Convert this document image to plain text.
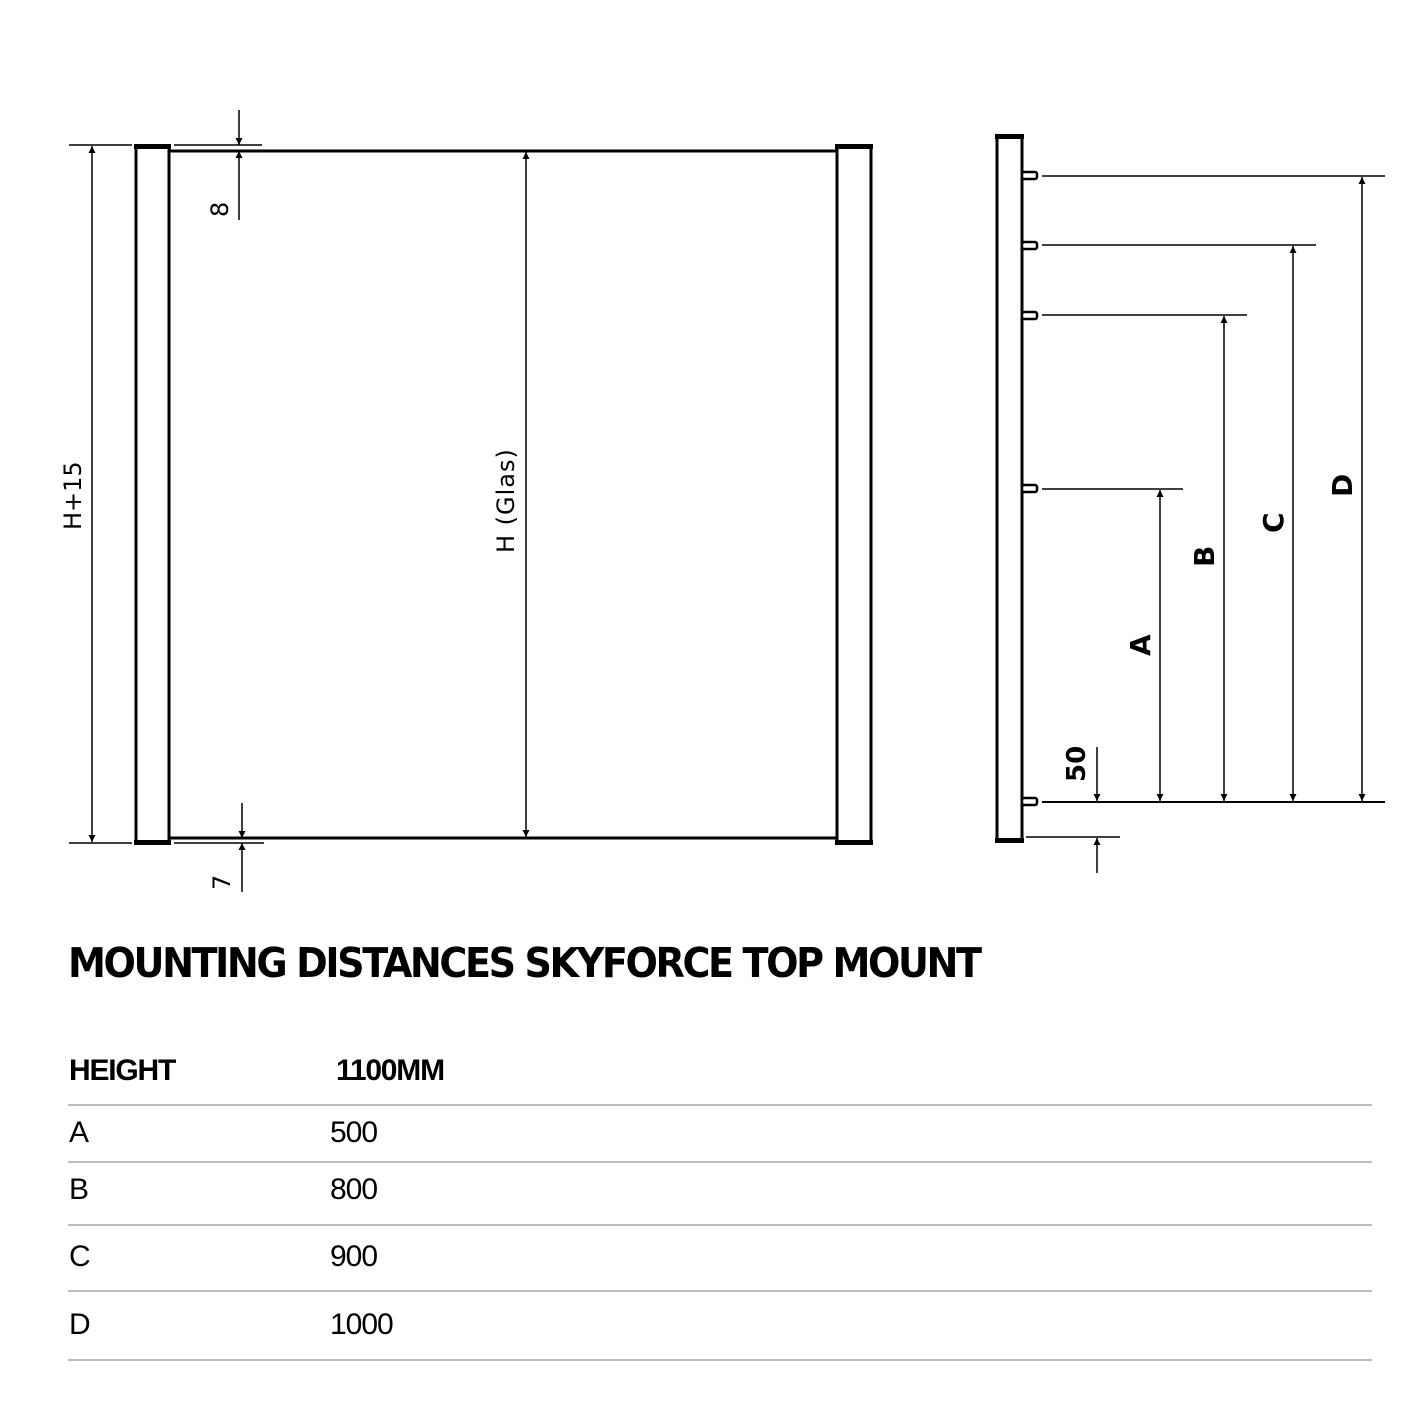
H+15
8
7
H (Glas)
50
A
B
C
D
MOUNTING DISTANCES SKYFORCE TOP MOUNT
HEIGHT	1100MM
A	500
B	800
C	900
D	1000
